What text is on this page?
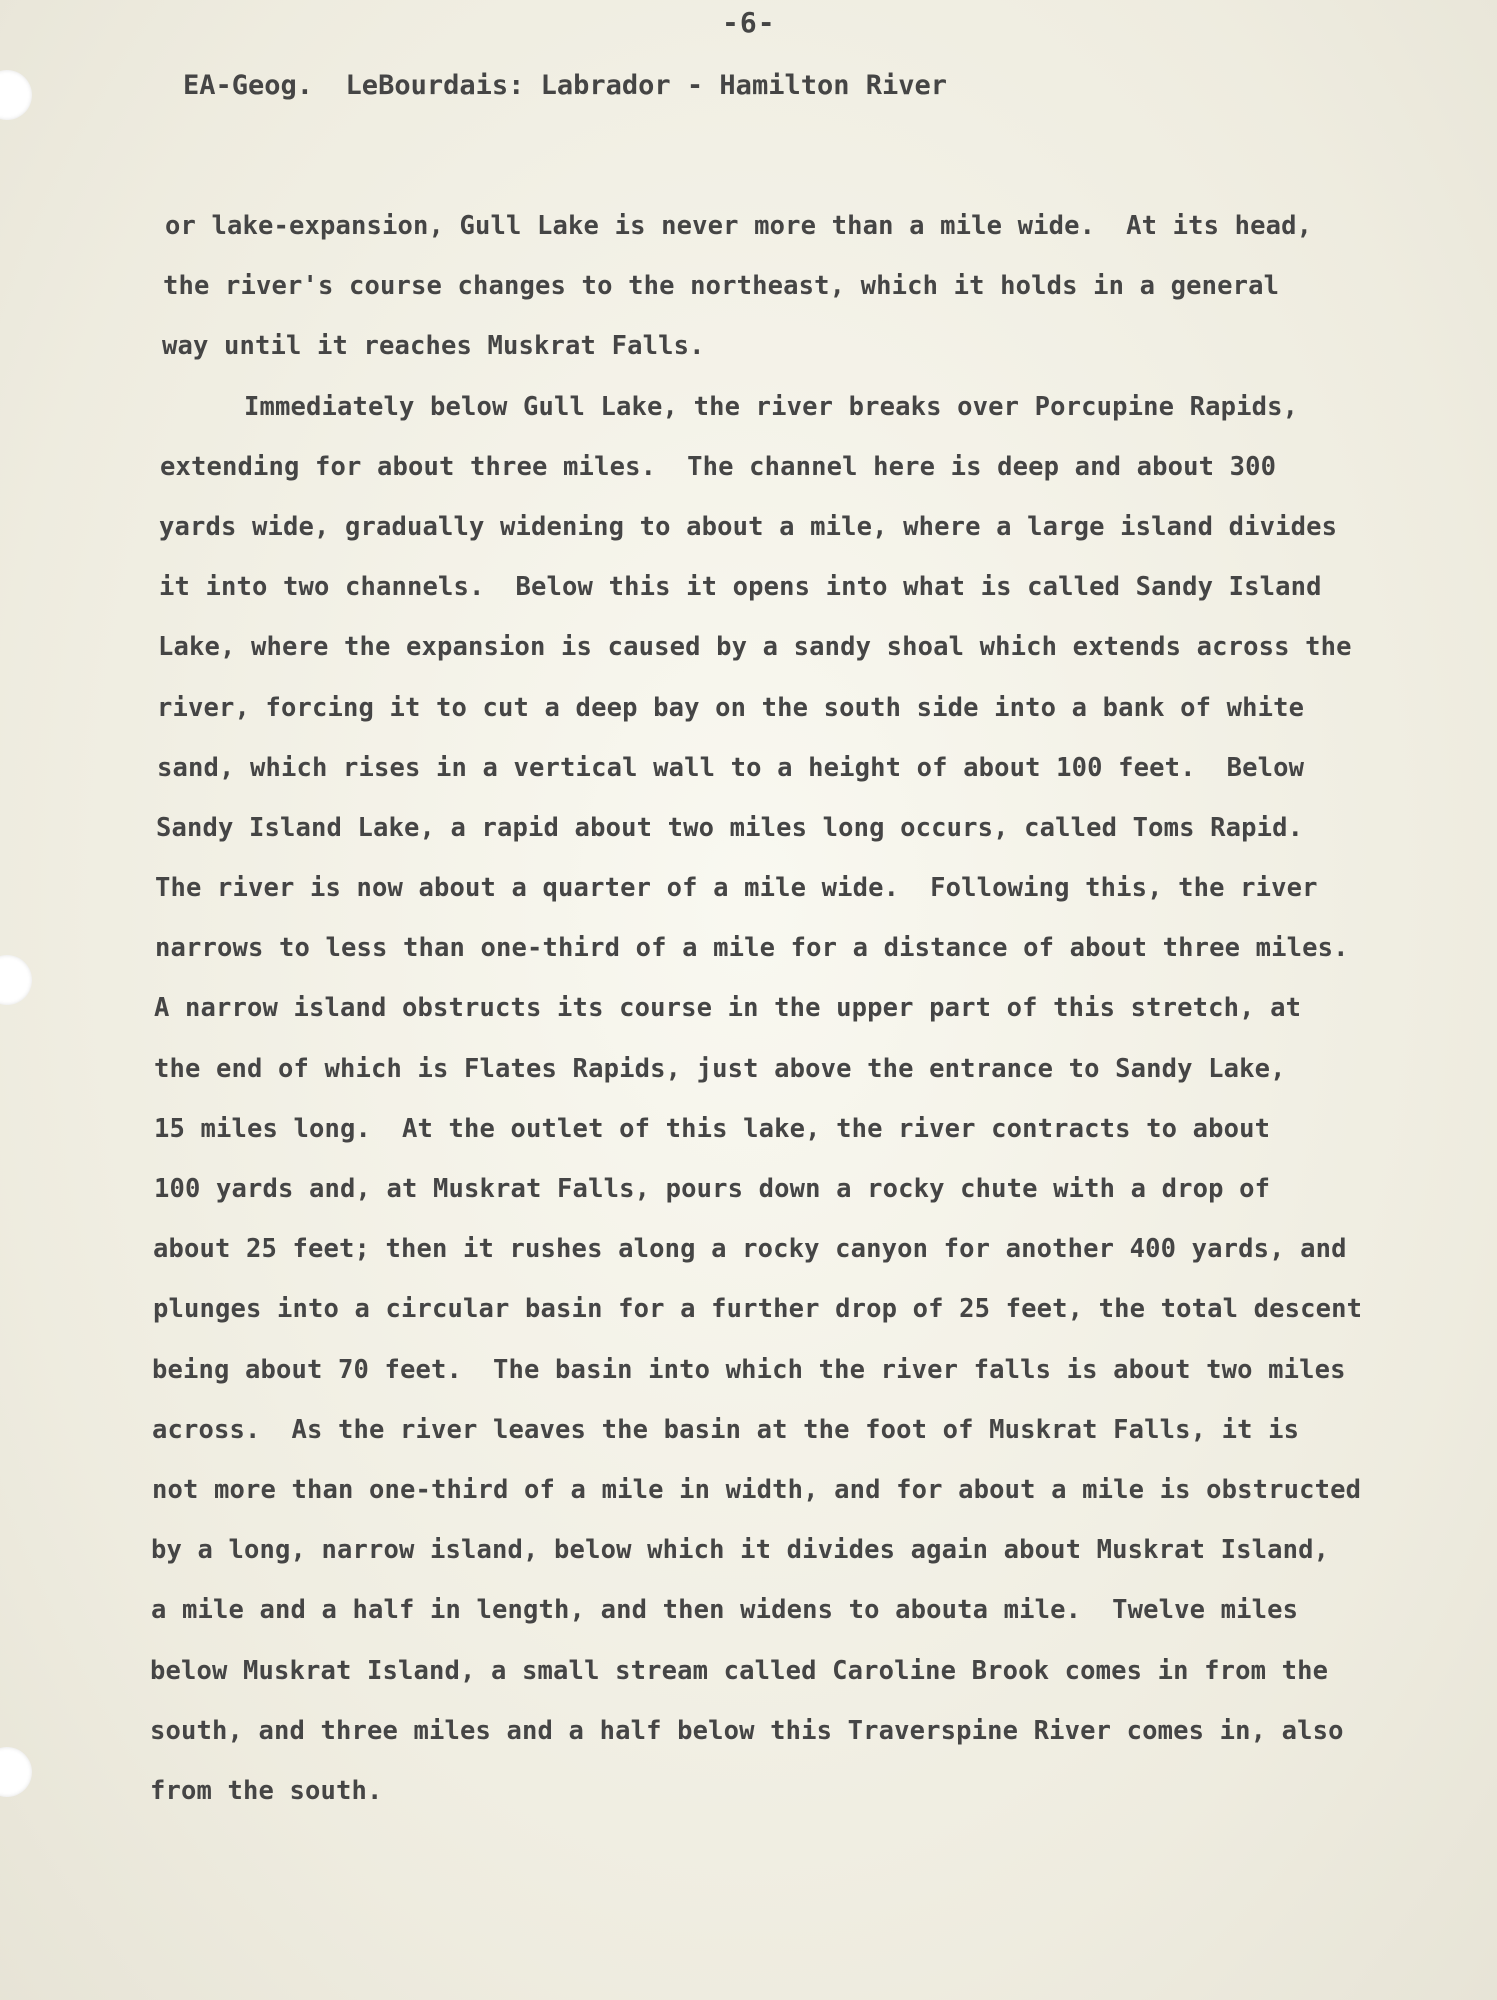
-6-
EA-Geog.  LeBourdais: Labrador - Hamilton River
or lake-expansion, Gull Lake is never more than a mile wide.  At its head,
the river's course changes to the northeast, which it holds in a general
way until it reaches Muskrat Falls.
Immediately below Gull Lake, the river breaks over Porcupine Rapids,
extending for about three miles.  The channel here is deep and about 300
yards wide, gradually widening to about a mile, where a large island divides
it into two channels.  Below this it opens into what is called Sandy Island
Lake, where the expansion is caused by a sandy shoal which extends across the
river, forcing it to cut a deep bay on the south side into a bank of white
sand, which rises in a vertical wall to a height of about 100 feet.  Below
Sandy Island Lake, a rapid about two miles long occurs, called Toms Rapid.
The river is now about a quarter of a mile wide.  Following this, the river
narrows to less than one-third of a mile for a distance of about three miles.
A narrow island obstructs its course in the upper part of this stretch, at
the end of which is Flates Rapids, just above the entrance to Sandy Lake,
15 miles long.  At the outlet of this lake, the river contracts to about
100 yards and, at Muskrat Falls, pours down a rocky chute with a drop of
about 25 feet; then it rushes along a rocky canyon for another 400 yards, and
plunges into a circular basin for a further drop of 25 feet, the total descent
being about 70 feet.  The basin into which the river falls is about two miles
across.  As the river leaves the basin at the foot of Muskrat Falls, it is
not more than one-third of a mile in width, and for about a mile is obstructed
by a long, narrow island, below which it divides again about Muskrat Island,
a mile and a half in length, and then widens to abouta mile.  Twelve miles
below Muskrat Island, a small stream called Caroline Brook comes in from the
south, and three miles and a half below this Traverspine River comes in, also
from the south.
